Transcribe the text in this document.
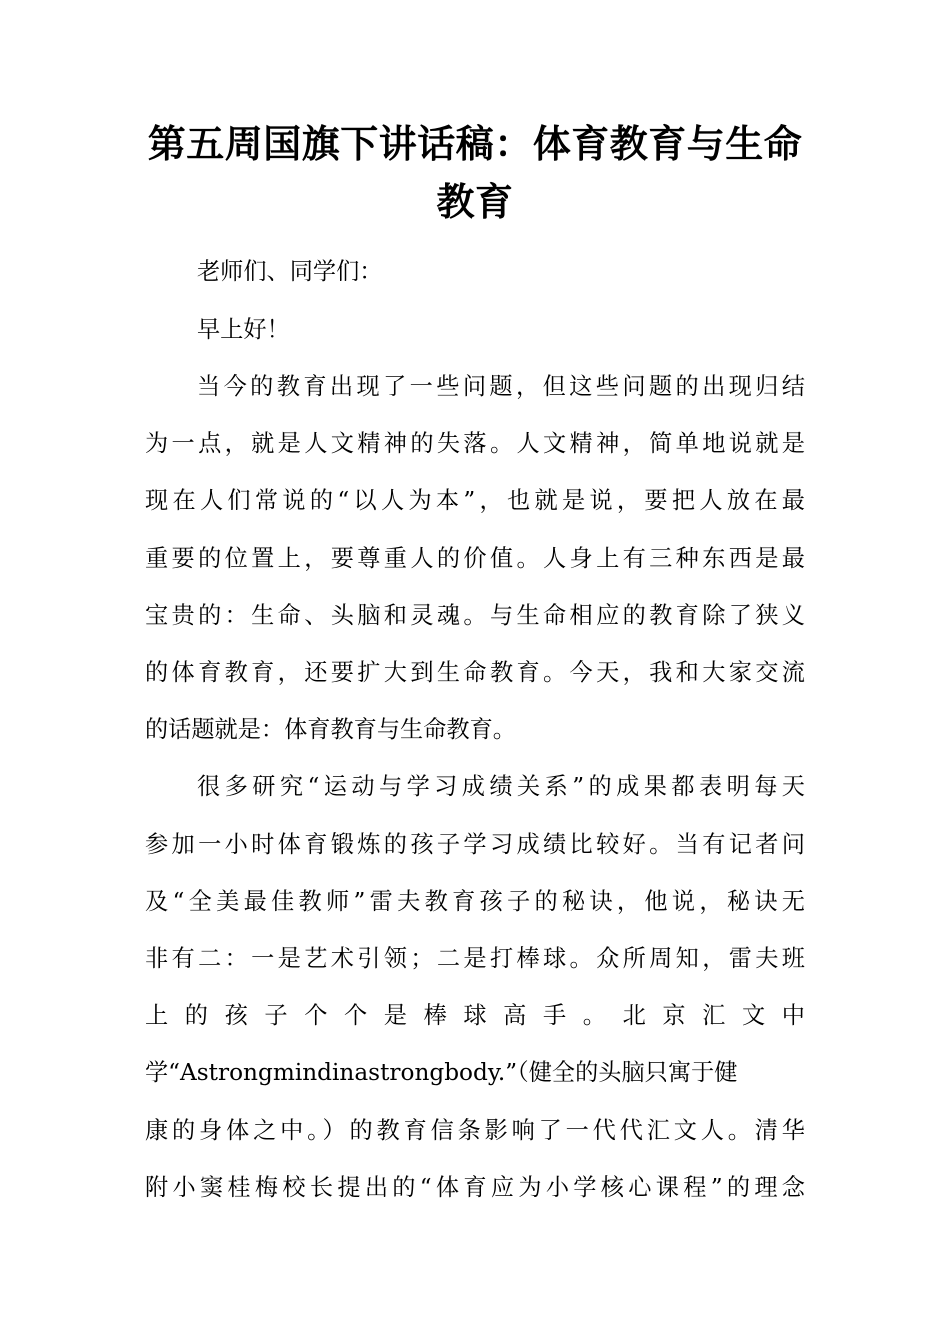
第五周国旗下讲话稿：体育教育与生命
教育

老师们、同学们：

早上好！

当今的教育出现了一些问题，但这些问题的出现归结

为一点，就是人文精神的失落。人文精神，简单地说就是

现在人们常说的“以人为本”，也就是说，要把人放在最

重要的位置上，要尊重人的价值。人身上有三种东西是最

宝贵的：生命、头脑和灵魂。与生命相应的教育除了狭义

的体育教育，还要扩大到生命教育。今天，我和大家交流

的话题就是：体育教育与生命教育。

很多研究“运动与学习成绩关系”的成果都表明每天

参加一小时体育锻炼的孩子学习成绩比较好。当有记者问

及“全美最佳教师”雷夫教育孩子的秘诀，他说，秘诀无

非有二：一是艺术引领；二是打棒球。众所周知，雷夫班

上 的 孩 子 个 个 是 棒 球 高 手 。 北 京 汇 文 中

学“Astrongmindinastrongbody.”（健全的头脑只寓于健

康的身体之中。）的教育信条影响了一代代汇文人。清华

附小窦桂梅校长提出的“体育应为小学核心课程”的理念
